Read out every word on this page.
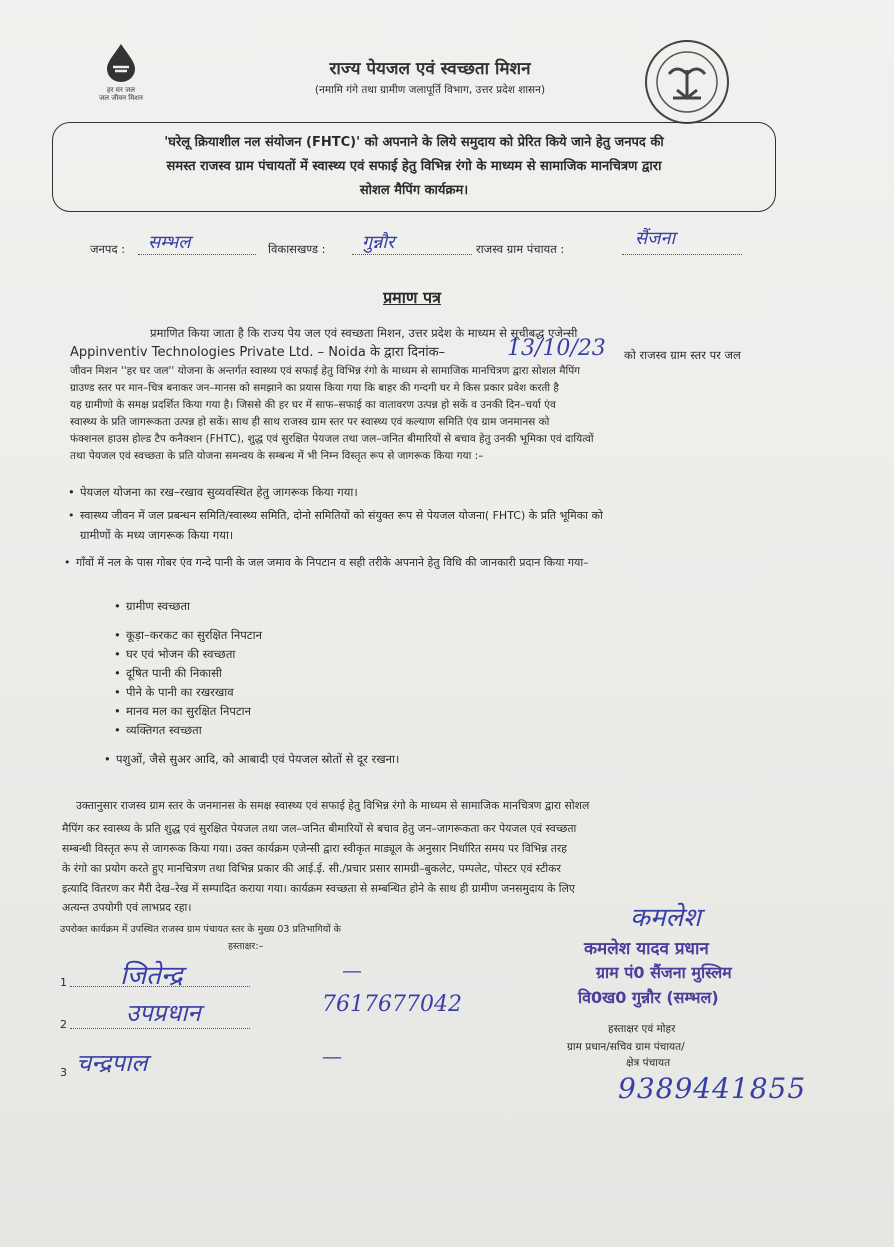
हर घर जल
जल जीवन मिशन
राज्य पेयजल एवं स्वच्छता मिशन
(नमामि गंगे तथा ग्रामीण जलापूर्ति विभाग, उत्तर प्रदेश शासन)
'घरेलू क्रियाशील नल संयोजन (FHTC)' को अपनाने के लिये समुदाय को प्रेरित किये जाने हेतु जनपद की
समस्त राजस्व ग्राम पंचायतों में स्वास्थ्य एवं सफाई हेतु विभिन्न रंगो के माध्यम से सामाजिक मानचित्रण द्वारा
सोशल मैपिंग कार्यक्रम।
जनपद : सम्भल	विकासखण्ड : गुन्नौर	राजस्व ग्राम पंचायत :	सैंजना
प्रमाण पत्र
प्रमाणित किया जाता है कि राज्य पेय जल एवं स्वच्छता मिशन, उत्तर प्रदेश के माध्यम से सूचीबद्ध एजेन्सी
Appinventiv Technologies Private Ltd. – Noida के द्वारा दिनांक–	13/10/23 को राजस्व ग्राम स्तर पर जल
जीवन मिशन ''हर घर जल'' योजना के अन्तर्गत स्वास्थ्य एवं सफाई हेतु विभिन्न रंगो के माध्यम से सामाजिक मानचित्रण द्वारा सोशल मैपिंग
ग्राउण्ड स्तर पर मान–चित्र बनाकर जन–मानस को समझाने का प्रयास किया गया कि बाहर की गन्दगी घर मे किस प्रकार प्रवेश करती है
यह ग्रामीणो के समक्ष प्रदर्शित किया गया है। जिससे की हर घर में साफ–सफाई का वातावरण उत्पन्न हो सकें व उनकी दिन–चर्या एंव
स्वास्थ्य के प्रति जागरूकता उत्पन्न हो सकें। साथ ही साथ राजस्व ग्राम स्तर पर स्वास्थ्य एवं कल्याण समिति एंव ग्राम जनमानस को
फंक्शनल हाउस होल्ड टैप कनैक्शन (FHTC), शुद्ध एवं सुरक्षित पेयजल तथा जल–जनित बीमारियों से बचाव हेतु उनकी भूमिका एवं दायित्वों
तथा पेयजल एवं स्वच्छता के प्रति योजना समन्वय के सम्बन्ध में भी निम्न विस्तृत रूप से जागरूक किया गया :–
• पेयजल योजना का रख–रखाव सुव्यवस्थित हेतु जागरूक किया गया।
• स्वास्थ्य जीवन में जल प्रबन्धन समिति/स्वास्थ्य समिति, दोनो समितियों को संयुक्त रूप से पेयजल योजना( FHTC) के प्रति भूमिका को
ग्रामीणों के मध्य जागरूक किया गया।
• गाँवों में नल के पास गोबर एंव गन्दे पानी के जल जमाव के निपटान व सही तरीके अपनाने हेतु विधि की जानकारी प्रदान किया गया–
• ग्रामीण स्वच्छता
• कूड़ा–करकट का सुरक्षित निपटान
• घर एवं भोजन की स्वच्छता
• दूषित पानी की निकासी
• पीने के पानी का रखरखाव
• मानव मल का सुरक्षित निपटान
• व्यक्तिगत स्वच्छता
• पशुओं, जैसे सुअर आदि, को आबादी एवं पेयजल स्रोतों से दूर रखना।
उक्तानुसार राजस्व ग्राम स्तर के जनमानस के समक्ष स्वास्थ्य एवं सफाई हेतु विभिन्न रंगो के माध्यम से सामाजिक मानचित्रण द्वारा सोशल
मैपिंग कर स्वास्थ्य के प्रति शुद्ध एवं सुरक्षित पेयजल तथा जल–जनित बीमारियों से बचाव हेतु जन–जागरूकता कर पेयजल एवं स्वच्छता
सम्बन्धी विस्तृत रूप से जागरूक किया गया। उक्त कार्यक्रम एजेन्सी द्वारा स्वीकृत माड्यूल के अनुसार निर्धारित समय पर विभिन्न तरह
के रंगो का प्रयोग करते हुए मानचित्रण तथा विभिन्न प्रकार की आई.ई. सी./प्रचार प्रसार सामग्री–बुकलेट, पम्पलेट, पोस्टर एवं स्टीकर
इत्यादि वितरण कर मैरी देख–रेख में सम्पादित कराया गया। कार्यक्रम स्वच्छता से सम्बन्धित होने के साथ ही ग्रामीण जनसमुदाय के लिए
अत्यन्त उपयोगी एवं लाभप्रद रहा।
उपरोक्त कार्यक्रम में उपस्थित राजस्व ग्राम पंचायत स्तर के मुख्य 03 प्रतिभागियों के
हस्ताक्षर:–
1 जितेन्द्र	—
2 उपप्रधान	7617677042
3 चन्द्रपाल	—
कमलेश
कमलेश यादव प्रधान
ग्राम पं0 सैंजना मुस्लिम
वि0ख0 गुन्नौर (सम्भल)
हस्ताक्षर एवं मोहर
ग्राम प्रधान/सचिव ग्राम पंचायत/
क्षेत्र पंचायत
9389441855
